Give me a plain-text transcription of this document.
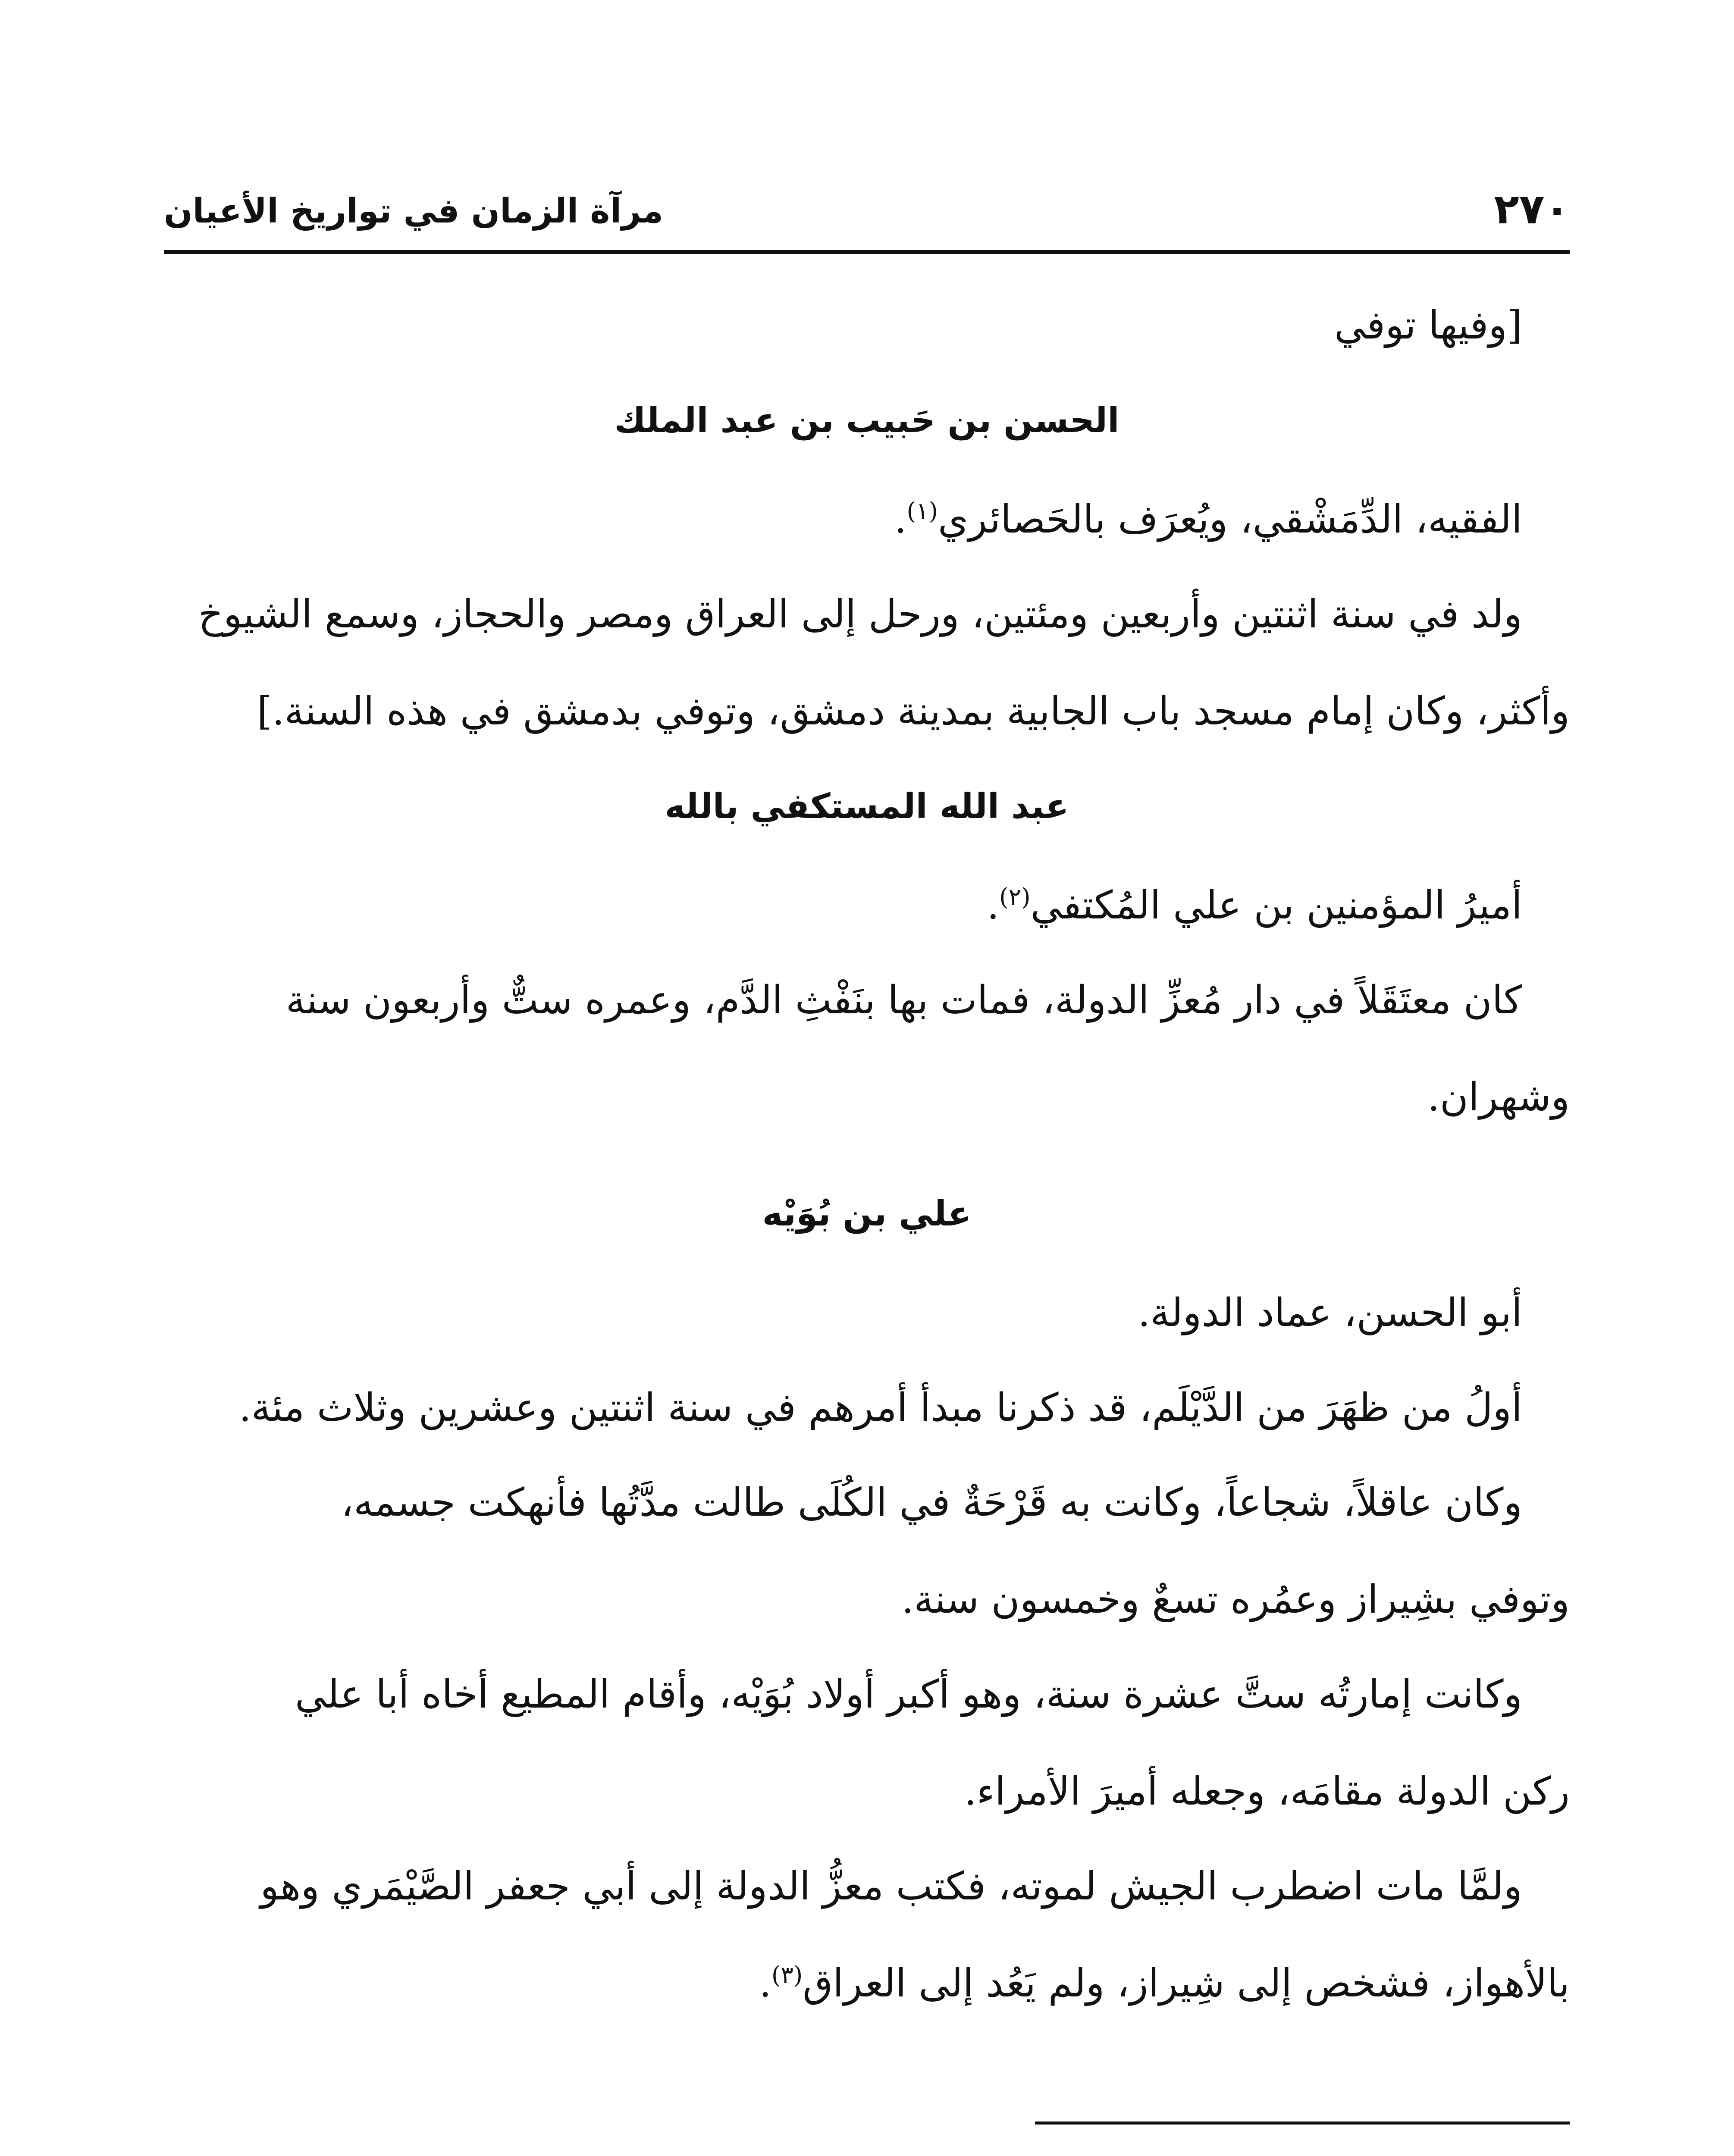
٢٧٠
مرآة الزمان في تواريخ الأعيان

[وفيها توفي

الحسن بن حَبيب بن عبد الملك

الفقيه، الدِّمَشْقي، ويُعرَف بالحَصائري$^{(١)}$.

ولد في سنة اثنتين وأربعين ومئتين، ورحل إلى العراق ومصر والحجاز، وسمع الشيوخ

وأكثر، وكان إمام مسجد باب الجابية بمدينة دمشق، وتوفي بدمشق في هذه السنة.]

عبد الله المستكفي بالله

أميرُ المؤمنين بن علي المُكتفي$^{(٢)}$.

كان معتَقَلاً في دار مُعزِّ الدولة، فمات بها بنَفْثِ الدَّم، وعمره ستٌّ وأربعون سنة

وشهران.

علي بن بُوَيْه

أبو الحسن، عماد الدولة.

أولُ من ظهَرَ من الدَّيْلَم، قد ذكرنا مبدأ أمرهم في سنة اثنتين وعشرين وثلاث مئة.

وكان عاقلاً، شجاعاً، وكانت به قَرْحَةٌ في الكُلَى طالت مدَّتُها فأنهكت جسمه،

وتوفي بشِيراز وعمُره تسعٌ وخمسون سنة.

وكانت إمارتُه ستَّ عشرة سنة، وهو أكبر أولاد بُوَيْه، وأقام المطيع أخاه أبا علي

ركن الدولة مقامَه، وجعله أميرَ الأمراء.

ولمَّا مات اضطرب الجيش لموته، فكتب معزُّ الدولة إلى أبي جعفر الصَّيْمَري وهو

بالأهواز، فشخص إلى شِيراز، ولم يَعُد إلى العراق$^{(٣)}$.
